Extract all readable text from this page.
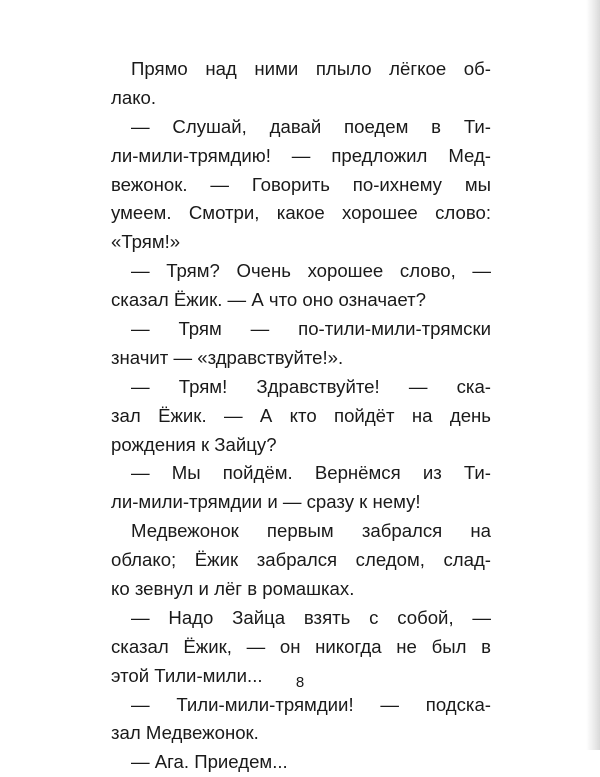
Прямо над ними плыло лёгкое об-
лако.
— Слушай, давай поедем в Ти-
ли-мили-трямдию! — предложил Мед-
вежонок. — Говорить по-ихнему мы
умеем. Смотри, какое хорошее слово:
«Трям!»
— Трям? Очень хорошее слово, —
сказал Ёжик. — А что оно означает?
— Трям — по-тили-мили-трямски
значит — «здравствуйте!».
— Трям! Здравствуйте! — ска-
зал Ёжик. — А кто пойдёт на день
рождения к Зайцу?
— Мы пойдём. Вернёмся из Ти-
ли-мили-трямдии и — сразу к нему!
Медвежонок первым забрался на
облако; Ёжик забрался следом, слад-
ко зевнул и лёг в ромашках.
— Надо Зайца взять с собой, —
сказал Ёжик, — он никогда не был в
этой Тили-мили...
— Тили-мили-трямдии! — подска-
зал Медвежонок.
— Ага. Приедем...
8
